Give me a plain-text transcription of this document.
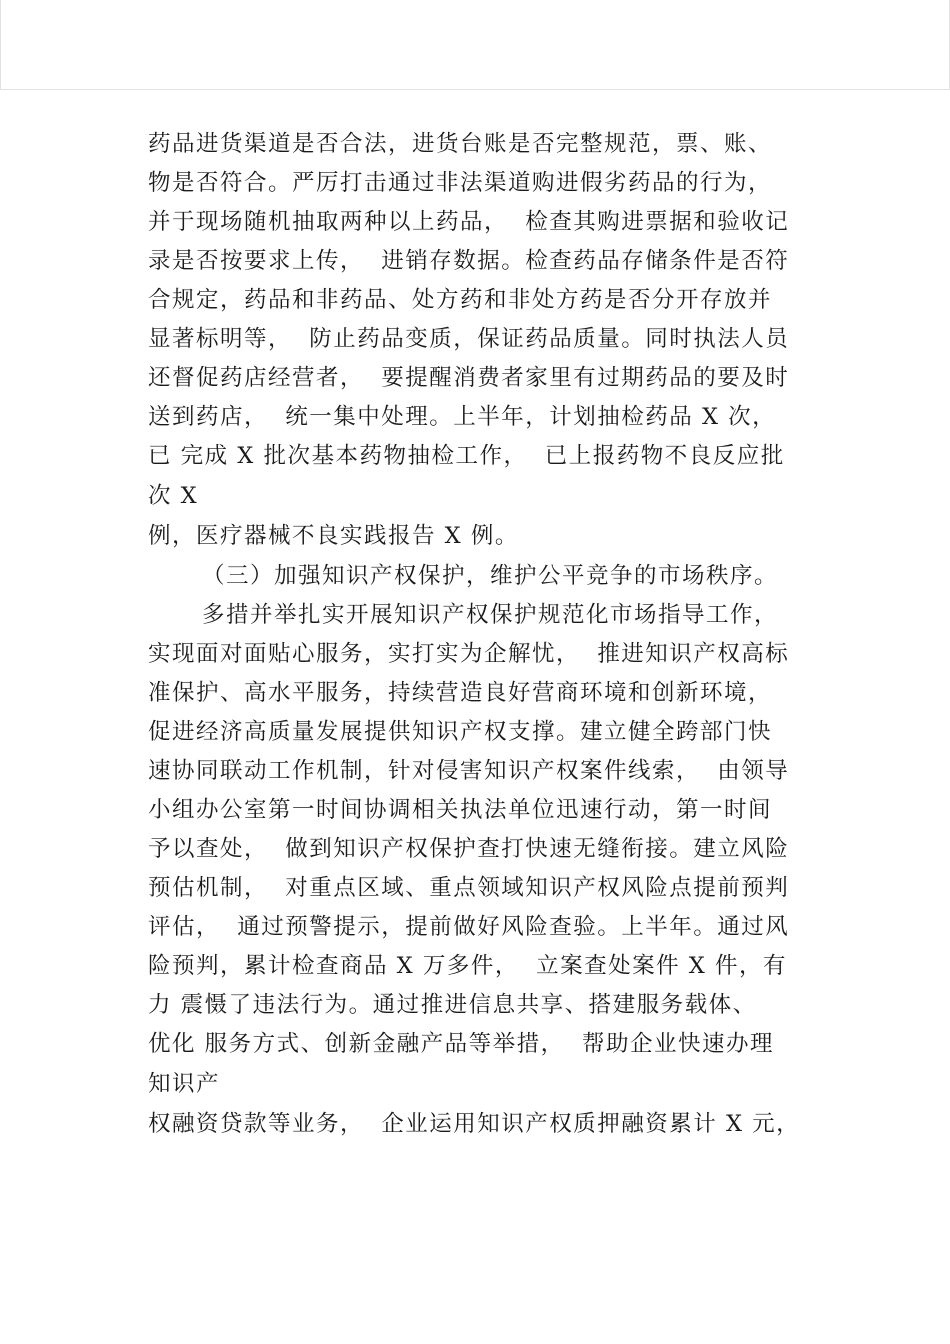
药品进货渠道是否合法，进货台账是否完整规范，票、账、
物是否符合。严厉打击通过非法渠道购进假劣药品的行为，
并于现场随机抽取两种以上药品，  检查其购进票据和验收记
录是否按要求上传，  进销存数据。检查药品存储条件是否符
合规定，药品和非药品、处方药和非处方药是否分开存放并
显著标明等，  防止药品变质，保证药品质量。同时执法人员
还督促药店经营者，  要提醒消费者家里有过期药品的要及时
送到药店，  统一集中处理。上半年，计划抽检药品 X 次，
已 完成 X 批次基本药物抽检工作，  已上报药物不良反应批
次 X
例，医疗器械不良实践报告 X 例。
（三）加强知识产权保护，维护公平竞争的市场秩序。
多措并举扎实开展知识产权保护规范化市场指导工作，
实现面对面贴心服务，实打实为企解忧，  推进知识产权高标
准保护、高水平服务，持续营造良好营商环境和创新环境，
促进经济高质量发展提供知识产权支撑。建立健全跨部门快
速协同联动工作机制，针对侵害知识产权案件线索，  由领导
小组办公室第一时间协调相关执法单位迅速行动，第一时间
予以查处，  做到知识产权保护查打快速无缝衔接。建立风险
预估机制，  对重点区域、重点领域知识产权风险点提前预判
评估，  通过预警提示，提前做好风险查验。上半年。通过风
险预判，累计检查商品 X 万多件，  立案查处案件 X 件，有
力 震慑了违法行为。通过推进信息共享、搭建服务载体、
优化 服务方式、创新金融产品等举措，  帮助企业快速办理
知识产
权融资贷款等业务，  企业运用知识产权质押融资累计 X 元，
